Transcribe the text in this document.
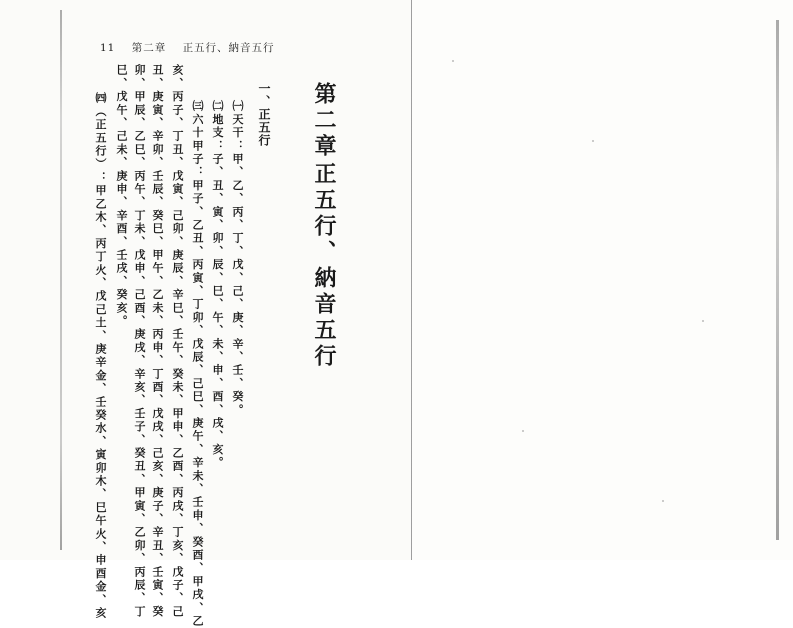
11 第二章 正五行、納音五行
第二章
正五行、納音五行
一、正五行
㈠天干：甲、乙、丙、丁、戊、己、庚、辛、壬、癸。
㈡地支：子、丑、寅、卯、辰、巳、午、未、申、酉、戌、亥。
㈢六十甲子：甲子、乙丑、丙寅、丁卯、戊辰、己巳、庚午、辛未、壬申、癸酉、甲戌、乙
亥、丙子、丁丑、戊寅、己卯、庚辰、辛巳、壬午、癸未、甲申、乙酉、丙戌、丁亥、戊子、己
丑、庚寅、辛卯、壬辰、癸巳、甲午、乙未、丙申、丁酉、戊戌、己亥、庚子、辛丑、壬寅、癸
卯、甲辰、乙巳、丙午、丁未、戊申、己酉、庚戌、辛亥、壬子、癸丑、甲寅、乙卯、丙辰、丁
巳、戊午、己未、庚申、辛酉、壬戌、癸亥。
㈣（正五行）：甲乙木、丙丁火、戊己土、庚辛金、壬癸水、寅卯木、巳午火、申酉金、亥
